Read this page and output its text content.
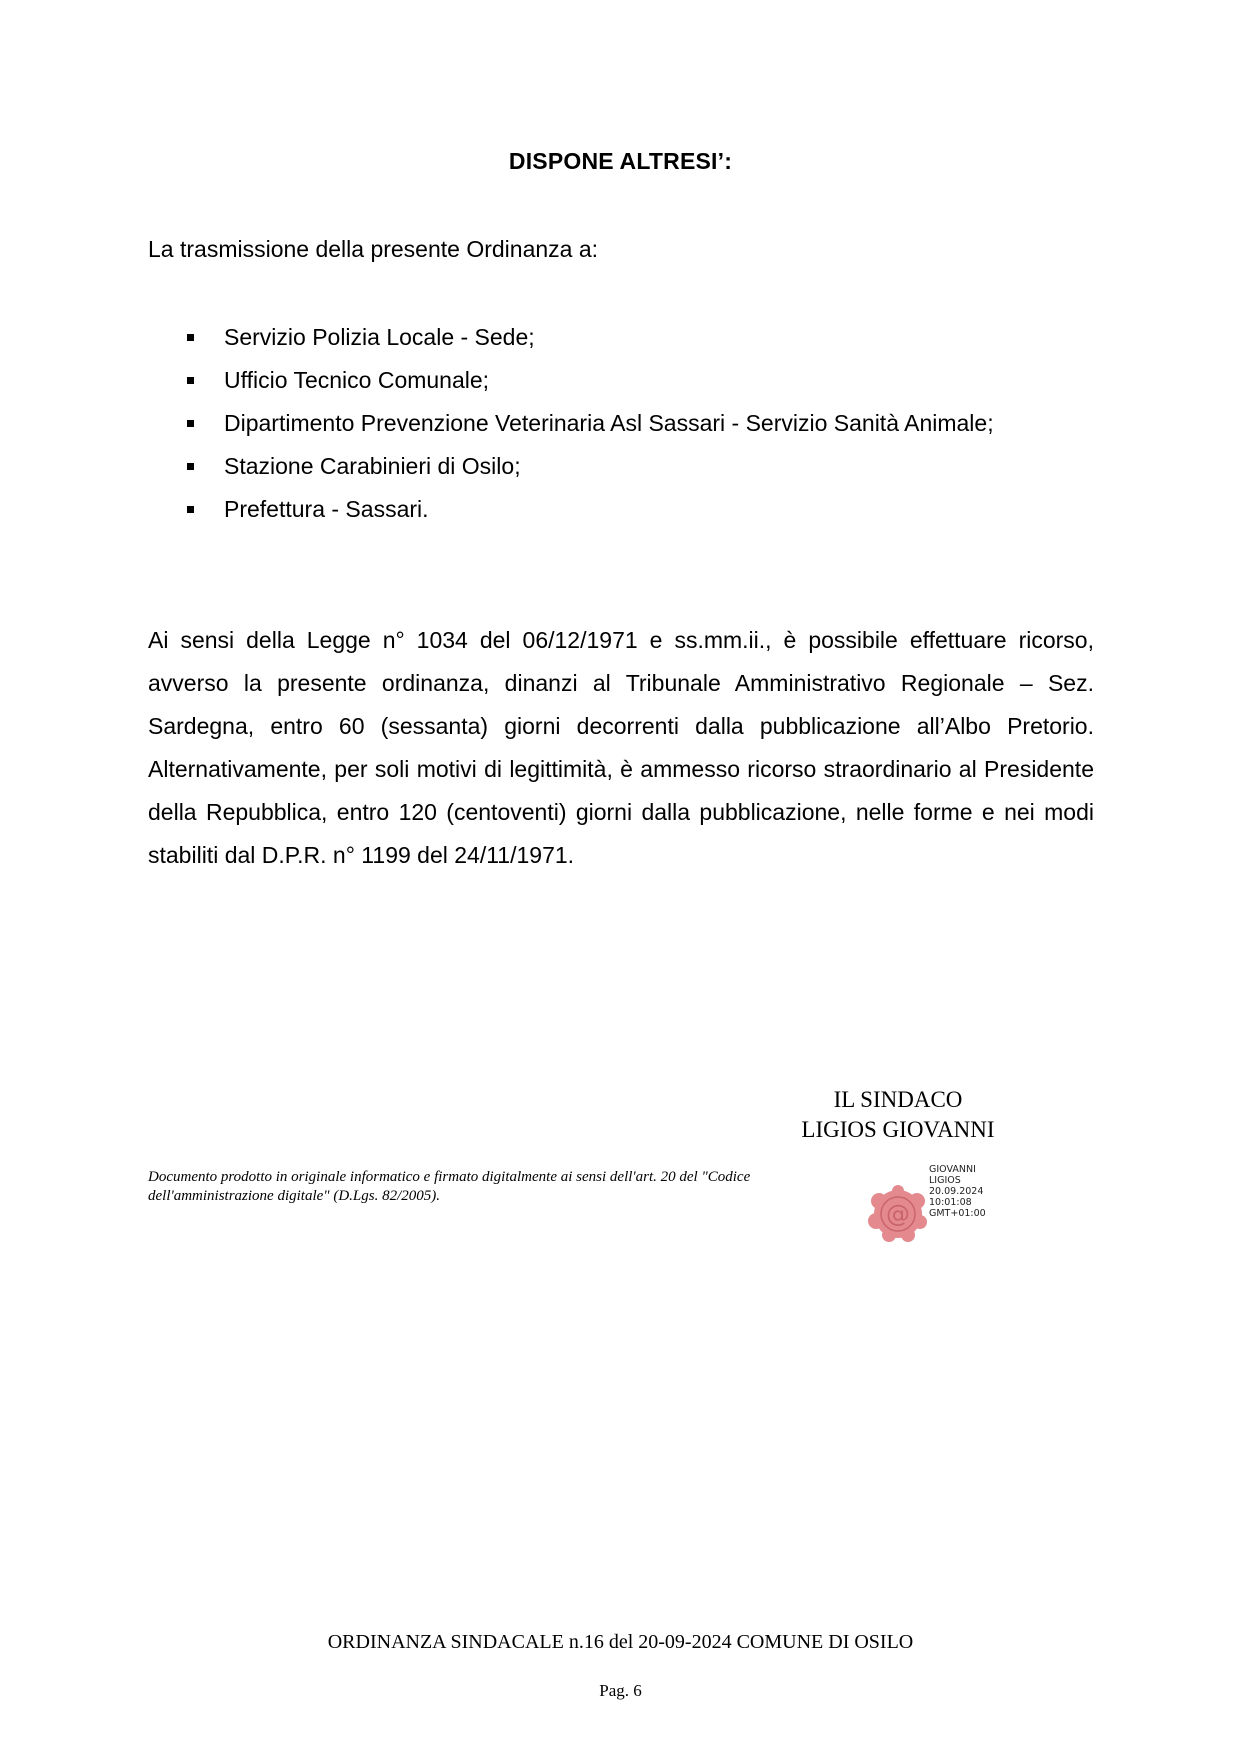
DISPONE ALTRESI’:
La trasmissione della presente Ordinanza a:
Servizio Polizia Locale - Sede;
Ufficio Tecnico Comunale;
Dipartimento Prevenzione Veterinaria Asl Sassari - Servizio Sanità Animale;
Stazione Carabinieri di Osilo;
Prefettura - Sassari.

Ai sensi della Legge n° 1034 del 06/12/1971 e ss.mm.ii., è possibile effettuare ricorso, avverso la presente ordinanza, dinanzi al Tribunale Amministrativo Regionale – Sez. Sardegna, entro 60 (sessanta) giorni decorrenti dalla pubblicazione all’Albo Pretorio. Alternativamente, per soli motivi di legittimità, è ammesso ricorso straordinario al Presidente della Repubblica, entro 120 (centoventi) giorni dalla pubblicazione, nelle forme e nei modi stabiliti dal D.P.R. n° 1199 del 24/11/1971.

IL SINDACO
LIGIOS GIOVANNI
Documento prodotto in originale informatico e firmato digitalmente ai sensi dell'art. 20 del "Codice dell'amministrazione digitale" (D.Lgs. 82/2005).
@
GIOVANNI
LIGIOS
20.09.2024
10:01:08
GMT+01:00
ORDINANZA SINDACALE n.16 del 20-09-2024 COMUNE DI OSILO
Pag. 6
